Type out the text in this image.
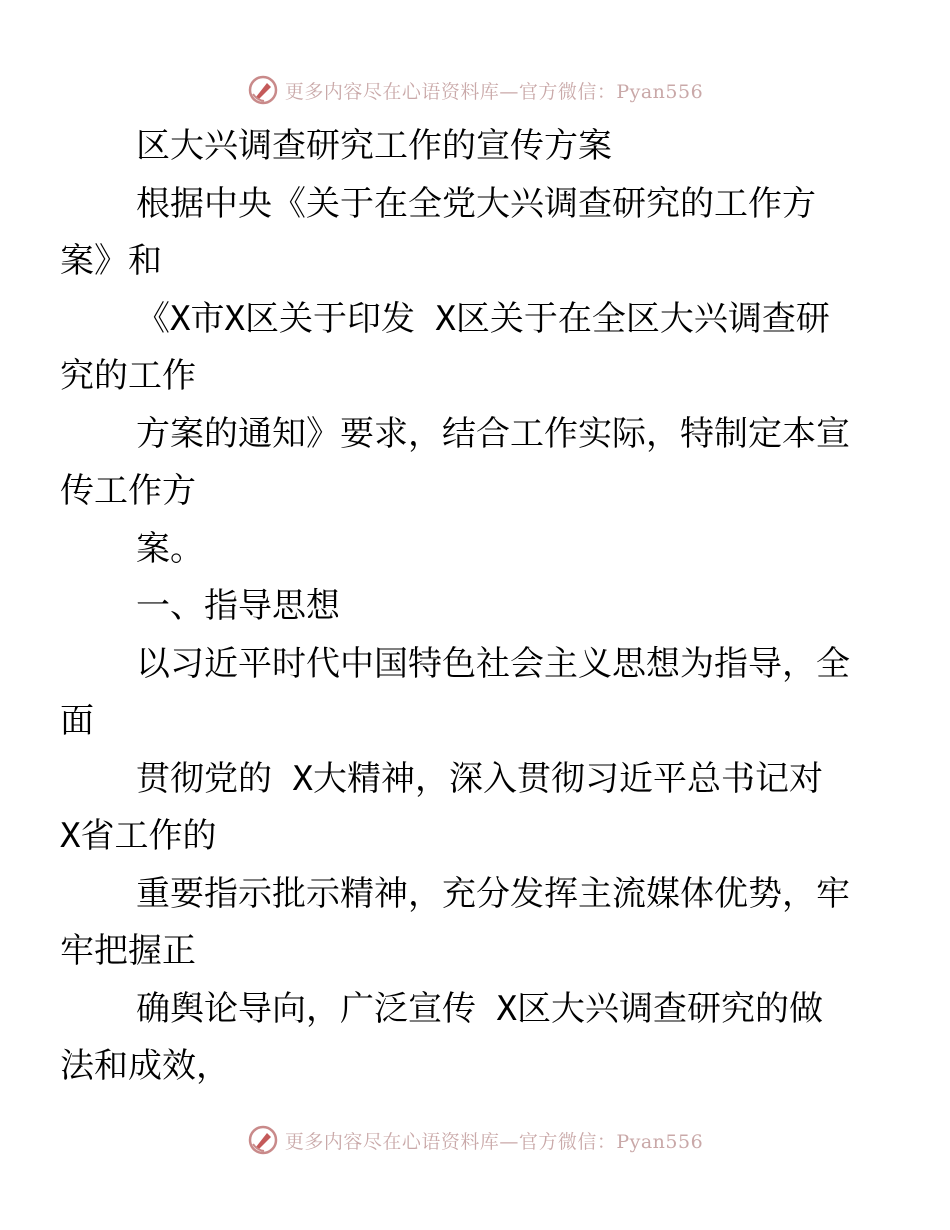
更多内容尽在心语资料库—官方微信：Pyan556

区大兴调查研究工作的宣传方案

根据中央《关于在全党大兴调查研究的工作方
案》和

《X市X区关于印发 X区关于在全区大兴调查研
究的工作

方案的通知》要求，结合工作实际，特制定本宣
传工作方

案。

一、指导思想

以习近平时代中国特色社会主义思想为指导，全
面

贯彻党的 X大精神，深入贯彻习近平总书记对
X省工作的

重要指示批示精神，充分发挥主流媒体优势，牢
牢把握正

确舆论导向，广泛宣传 X区大兴调查研究的做
法和成效，

更多内容尽在心语资料库—官方微信：Pyan556
